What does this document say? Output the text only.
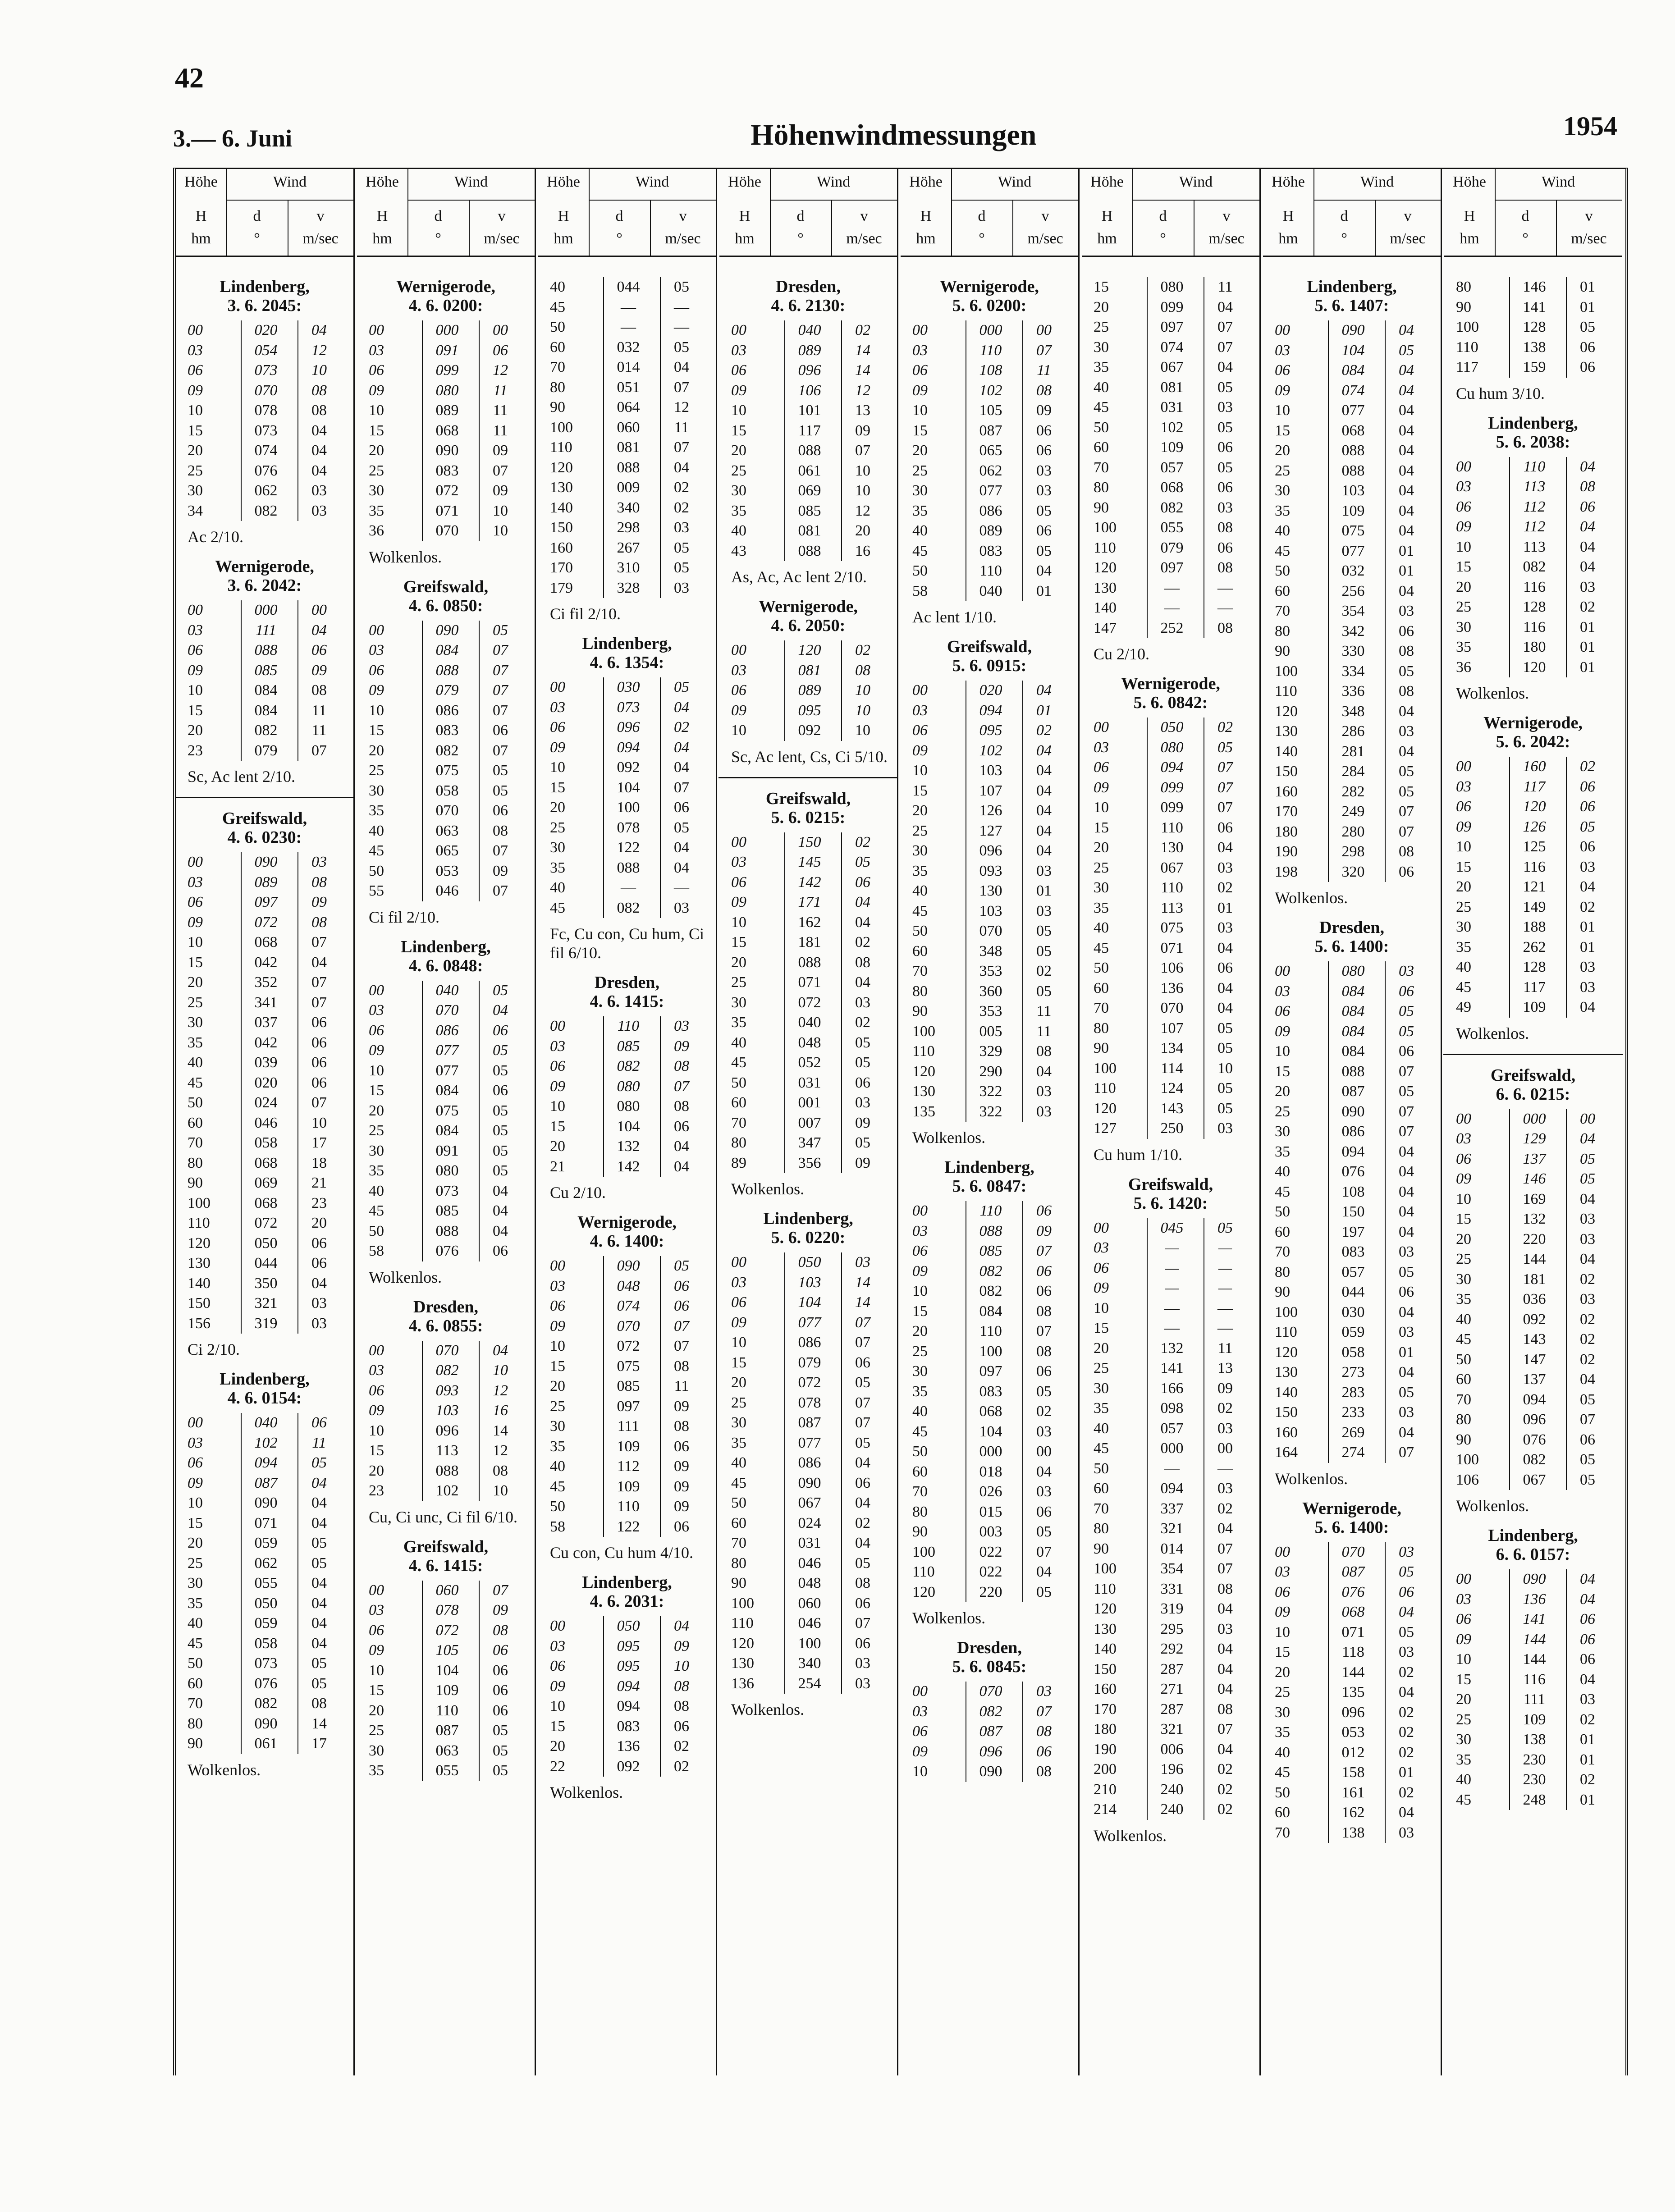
42
3.— 6. Juni	Höhenwindmessungen	1954
Höhe	Wind
H
hm
d
°
v
m/sec
Lindenberg,
3. 6. 2045:
00	020	04
03	054	12
06	073	10
09	070	08
10	078	08
15	073	04
20	074	04
25	076	04
30	062	03
34	082	03
Ac 2/10.
Wernigerode,
3. 6. 2042:
00	000	00
03	111	04
06	088	06
09	085	09
10	084	08
15	084	11
20	082	11
23	079	07
Sc, Ac lent 2/10.
Greifswald,
4. 6. 0230:
00	090	03
03	089	08
06	097	09
09	072	08
10	068	07
15	042	04
20	352	07
25	341	07
30	037	06
35	042	06
40	039	06
45	020	06
50	024	07
60	046	10
70	058	17
80	068	18
90	069	21
100	068	23
110	072	20
120	050	06
130	044	06
140	350	04
150	321	03
156	319	03
Ci 2/10.
Lindenberg,
4. 6. 0154:
00	040	06
03	102	11
06	094	05
09	087	04
10	090	04
15	071	04
20	059	05
25	062	05
30	055	04
35	050	04
40	059	04
45	058	04
50	073	05
60	076	05
70	082	08
80	090	14
90	061	17
Wolkenlos.
Höhe	Wind
H
hm
d
°
v
m/sec
Wernigerode,
4. 6. 0200:
00	000	00
03	091	06
06	099	12
09	080	11
10	089	11
15	068	11
20	090	09
25	083	07
30	072	09
35	071	10
36	070	10
Wolkenlos.
Greifswald,
4. 6. 0850:
00	090	05
03	084	07
06	088	07
09	079	07
10	086	07
15	083	06
20	082	07
25	075	05
30	058	05
35	070	06
40	063	08
45	065	07
50	053	09
55	046	07
Ci fil 2/10.
Lindenberg,
4. 6. 0848:
00	040	05
03	070	04
06	086	06
09	077	05
10	077	05
15	084	06
20	075	05
25	084	05
30	091	05
35	080	05
40	073	04
45	085	04
50	088	04
58	076	06
Wolkenlos.
Dresden,
4. 6. 0855:
00	070	04
03	082	10
06	093	12
09	103	16
10	096	14
15	113	12
20	088	08
23	102	10
Cu, Ci unc, Ci fil 6/10.
Greifswald,
4. 6. 1415:
00	060	07
03	078	09
06	072	08
09	105	06
10	104	06
15	109	06
20	110	06
25	087	05
30	063	05
35	055	05
Höhe	Wind
H
hm
d
°
v
m/sec
40	044	05
45	—	—
50	—	—
60	032	05
70	014	04
80	051	07
90	064	12
100	060	11
110	081	07
120	088	04
130	009	02
140	340	02
150	298	03
160	267	05
170	310	05
179	328	03
Ci fil 2/10.
Lindenberg,
4. 6. 1354:
00	030	05
03	073	04
06	096	02
09	094	04
10	092	04
15	104	07
20	100	06
25	078	05
30	122	04
35	088	04
40	—	—
45	082	03
Fc, Cu con, Cu hum, Ci fil 6/10.
Dresden,
4. 6. 1415:
00	110	03
03	085	09
06	082	08
09	080	07
10	080	08
15	104	06
20	132	04
21	142	04
Cu 2/10.
Wernigerode,
4. 6. 1400:
00	090	05
03	048	06
06	074	06
09	070	07
10	072	07
15	075	08
20	085	11
25	097	09
30	111	08
35	109	06
40	112	09
45	109	09
50	110	09
58	122	06
Cu con, Cu hum 4/10.
Lindenberg,
4. 6. 2031:
00	050	04
03	095	09
06	095	10
09	094	08
10	094	08
15	083	06
20	136	02
22	092	02
Wolkenlos.
Höhe	Wind
H
hm
d
°
v
m/sec
Dresden,
4. 6. 2130:
00	040	02
03	089	14
06	096	14
09	106	12
10	101	13
15	117	09
20	088	07
25	061	10
30	069	10
35	085	12
40	081	20
43	088	16
As, Ac, Ac lent 2/10.
Wernigerode,
4. 6. 2050:
00	120	02
03	081	08
06	089	10
09	095	10
10	092	10
Sc, Ac lent, Cs, Ci 5/10.
Greifswald,
5. 6. 0215:
00	150	02
03	145	05
06	142	06
09	171	04
10	162	04
15	181	02
20	088	08
25	071	04
30	072	03
35	040	02
40	048	05
45	052	05
50	031	06
60	001	03
70	007	09
80	347	05
89	356	09
Wolkenlos.
Lindenberg,
5. 6. 0220:
00	050	03
03	103	14
06	104	14
09	077	07
10	086	07
15	079	06
20	072	05
25	078	07
30	087	07
35	077	05
40	086	04
45	090	06
50	067	04
60	024	02
70	031	04
80	046	05
90	048	08
100	060	06
110	046	07
120	100	06
130	340	03
136	254	03
Wolkenlos.
Höhe	Wind
H
hm
d
°
v
m/sec
Wernigerode,
5. 6. 0200:
00	000	00
03	110	07
06	108	11
09	102	08
10	105	09
15	087	06
20	065	06
25	062	03
30	077	03
35	086	05
40	089	06
45	083	05
50	110	04
58	040	01
Ac lent 1/10.
Greifswald,
5. 6. 0915:
00	020	04
03	094	01
06	095	02
09	102	04
10	103	04
15	107	04
20	126	04
25	127	04
30	096	04
35	093	03
40	130	01
45	103	03
50	070	05
60	348	05
70	353	02
80	360	05
90	353	11
100	005	11
110	329	08
120	290	04
130	322	03
135	322	03
Wolkenlos.
Lindenberg,
5. 6. 0847:
00	110	06
03	088	09
06	085	07
09	082	06
10	082	06
15	084	08
20	110	07
25	100	08
30	097	06
35	083	05
40	068	02
45	104	03
50	000	00
60	018	04
70	026	03
80	015	06
90	003	05
100	022	07
110	022	04
120	220	05
Wolkenlos.
Dresden,
5. 6. 0845:
00	070	03
03	082	07
06	087	08
09	096	06
10	090	08
Höhe	Wind
H
hm
d
°
v
m/sec
15	080	11
20	099	04
25	097	07
30	074	07
35	067	04
40	081	05
45	031	03
50	102	05
60	109	06
70	057	05
80	068	06
90	082	03
100	055	08
110	079	06
120	097	08
130	—	—
140	—	—
147	252	08
Cu 2/10.
Wernigerode,
5. 6. 0842:
00	050	02
03	080	05
06	094	07
09	099	07
10	099	07
15	110	06
20	130	04
25	067	03
30	110	02
35	113	01
40	075	03
45	071	04
50	106	06
60	136	04
70	070	04
80	107	05
90	134	05
100	114	10
110	124	05
120	143	05
127	250	03
Cu hum 1/10.
Greifswald,
5. 6. 1420:
00	045	05
03	—	—
06	—	—
09	—	—
10	—	—
15	—	—
20	132	11
25	141	13
30	166	09
35	098	02
40	057	03
45	000	00
50	—	—
60	094	03
70	337	02
80	321	04
90	014	07
100	354	07
110	331	08
120	319	04
130	295	03
140	292	04
150	287	04
160	271	04
170	287	08
180	321	07
190	006	04
200	196	02
210	240	02
214	240	02
Wolkenlos.
Höhe	Wind
H
hm
d
°
v
m/sec
Lindenberg,
5. 6. 1407:
00	090	04
03	104	05
06	084	04
09	074	04
10	077	04
15	068	04
20	088	04
25	088	04
30	103	04
35	109	04
40	075	04
45	077	01
50	032	01
60	256	04
70	354	03
80	342	06
90	330	08
100	334	05
110	336	08
120	348	04
130	286	03
140	281	04
150	284	05
160	282	05
170	249	07
180	280	07
190	298	08
198	320	06
Wolkenlos.
Dresden,
5. 6. 1400:
00	080	03
03	084	06
06	084	05
09	084	05
10	084	06
15	088	07
20	087	05
25	090	07
30	086	07
35	094	04
40	076	04
45	108	04
50	150	04
60	197	04
70	083	03
80	057	05
90	044	06
100	030	04
110	059	03
120	058	01
130	273	04
140	283	05
150	233	03
160	269	04
164	274	07
Wolkenlos.
Wernigerode,
5. 6. 1400:
00	070	03
03	087	05
06	076	06
09	068	04
10	071	05
15	118	03
20	144	02
25	135	04
30	096	02
35	053	02
40	012	02
45	158	01
50	161	02
60	162	04
70	138	03
Höhe	Wind
H
hm
d
°
v
m/sec
80	146	01
90	141	01
100	128	05
110	138	06
117	159	06
Cu hum 3/10.
Lindenberg,
5. 6. 2038:
00	110	04
03	113	08
06	112	06
09	112	04
10	113	04
15	082	04
20	116	03
25	128	02
30	116	01
35	180	01
36	120	01
Wolkenlos.
Wernigerode,
5. 6. 2042:
00	160	02
03	117	06
06	120	06
09	126	05
10	125	06
15	116	03
20	121	04
25	149	02
30	188	01
35	262	01
40	128	03
45	117	03
49	109	04
Wolkenlos.
Greifswald,
6. 6. 0215:
00	000	00
03	129	04
06	137	05
09	146	05
10	169	04
15	132	03
20	220	03
25	144	04
30	181	02
35	036	03
40	092	02
45	143	02
50	147	02
60	137	04
70	094	05
80	096	07
90	076	06
100	082	05
106	067	05
Wolkenlos.
Lindenberg,
6. 6. 0157:
00	090	04
03	136	04
06	141	06
09	144	06
10	144	06
15	116	04
20	111	03
25	109	02
30	138	01
35	230	01
40	230	02
45	248	01
